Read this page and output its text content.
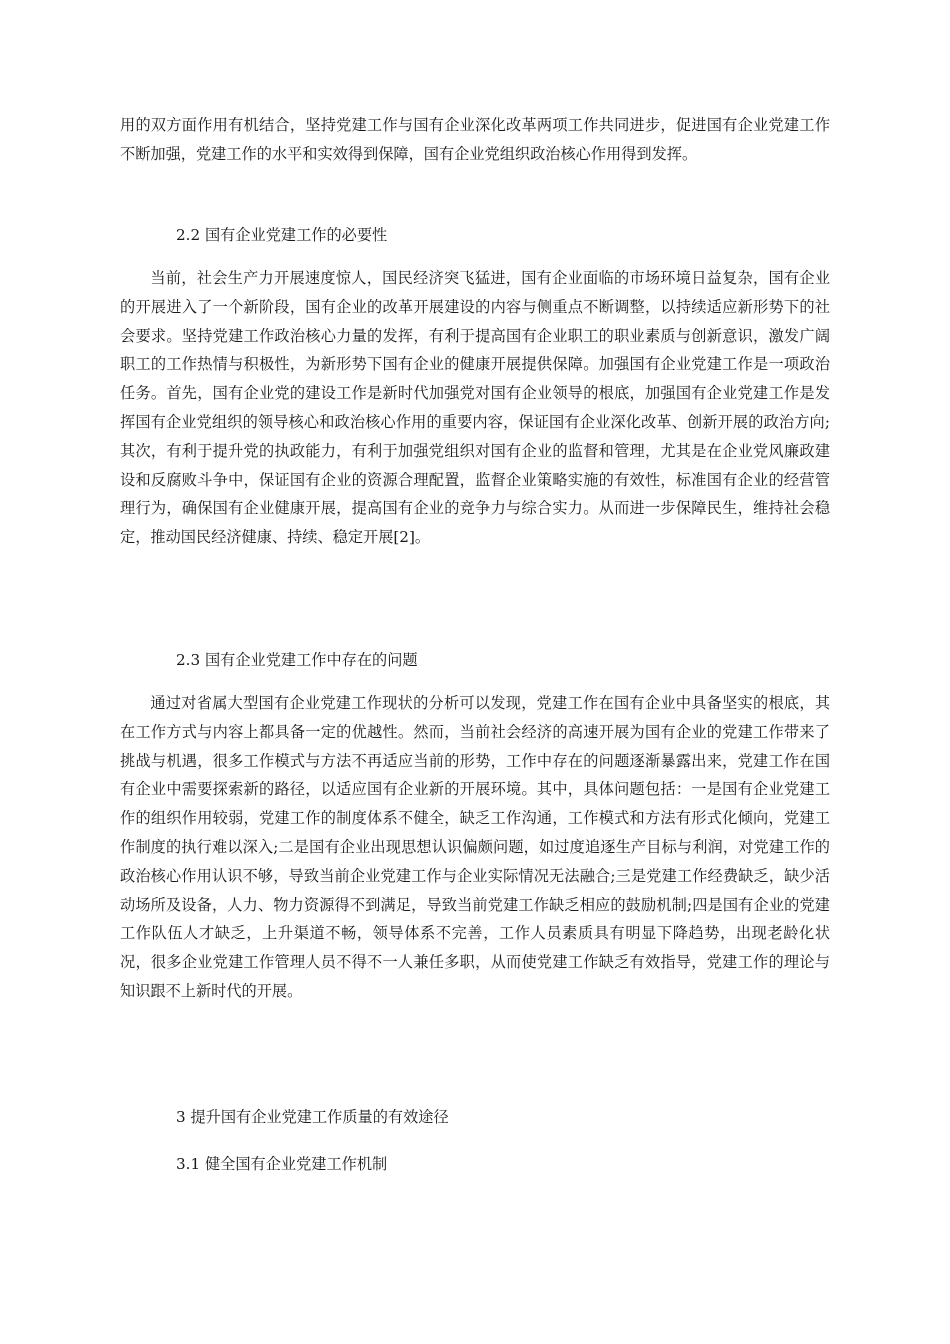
用的双方面作用有机结合，坚持党建工作与国有企业深化改革两项工作共同进步，促进国有企业党建工作不断加强，党建工作的水平和实效得到保障，国有企业党组织政治核心作用得到发挥。

2.2 国有企业党建工作的必要性

当前，社会生产力开展速度惊人，国民经济突飞猛进，国有企业面临的市场环境日益复杂，国有企业的开展进入了一个新阶段，国有企业的改革开展建设的内容与侧重点不断调整，以持续适应新形势下的社会要求。坚持党建工作政治核心力量的发挥，有利于提高国有企业职工的职业素质与创新意识，激发广阔职工的工作热情与积极性，为新形势下国有企业的健康开展提供保障。加强国有企业党建工作是一项政治任务。首先，国有企业党的建设工作是新时代加强党对国有企业领导的根底，加强国有企业党建工作是发挥国有企业党组织的领导核心和政治核心作用的重要内容，保证国有企业深化改革、创新开展的政治方向;其次，有利于提升党的执政能力，有利于加强党组织对国有企业的监督和管理，尤其是在企业党风廉政建设和反腐败斗争中，保证国有企业的资源合理配置，监督企业策略实施的有效性，标准国有企业的经营管理行为，确保国有企业健康开展，提高国有企业的竞争力与综合实力。从而进一步保障民生，维持社会稳定，推动国民经济健康、持续、稳定开展[2]。

2.3 国有企业党建工作中存在的问题

通过对省属大型国有企业党建工作现状的分析可以发现，党建工作在国有企业中具备坚实的根底，其在工作方式与内容上都具备一定的优越性。然而，当前社会经济的高速开展为国有企业的党建工作带来了挑战与机遇，很多工作模式与方法不再适应当前的形势，工作中存在的问题逐渐暴露出来，党建工作在国有企业中需要探索新的路径，以适应国有企业新的开展环境。其中，具体问题包括：一是国有企业党建工作的组织作用较弱，党建工作的制度体系不健全，缺乏工作沟通，工作模式和方法有形式化倾向，党建工作制度的执行难以深入;二是国有企业出现思想认识偏颇问题，如过度追逐生产目标与利润，对党建工作的政治核心作用认识不够，导致当前企业党建工作与企业实际情况无法融合;三是党建工作经费缺乏，缺少活动场所及设备，人力、物力资源得不到满足，导致当前党建工作缺乏相应的鼓励机制;四是国有企业的党建工作队伍人才缺乏，上升渠道不畅，领导体系不完善，工作人员素质具有明显下降趋势，出现老龄化状况，很多企业党建工作管理人员不得不一人兼任多职，从而使党建工作缺乏有效指导，党建工作的理论与知识跟不上新时代的开展。

3 提升国有企业党建工作质量的有效途径

3.1 健全国有企业党建工作机制
